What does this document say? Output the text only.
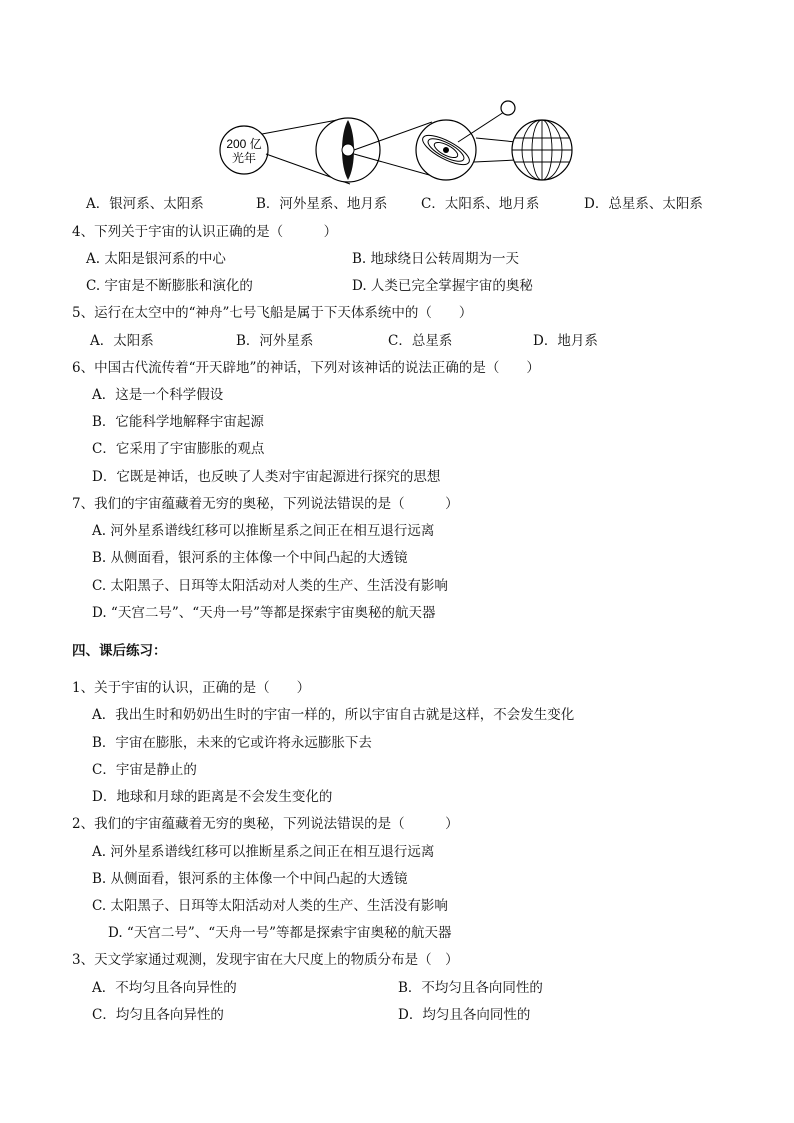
200 亿
光年
A．银河系、太阳系	B．河外星系、地月系 C．太阳系、地月系	D．总星系、太阳系
4、下列关于宇宙的认识正确的是（　　　）
A. 太阳是银河系的中心	B. 地球绕日公转周期为一天
C. 宇宙是不断膨胀和演化的	D. 人类已完全掌握宇宙的奥秘
5、运行在太空中的“神舟”七号飞船是属于下天体系统中的（　　）
A．太阳系	B．河外星系	C．总星系	D．地月系
6、中国古代流传着“开天辟地”的神话，下列对该神话的说法正确的是（　　）
A．这是一个科学假设
B．它能科学地解释宇宙起源
C．它采用了宇宙膨胀的观点
D．它既是神话，也反映了人类对宇宙起源进行探究的思想
7、我们的宇宙蕴藏着无穷的奥秘，下列说法错误的是（　　　）
A. 河外星系谱线红移可以推断星系之间正在相互退行远离
B. 从侧面看，银河系的主体像一个中间凸起的大透镜
C. 太阳黑子、日珥等太阳活动对人类的生产、生活没有影响
D. “天宫二号”、“天舟一号”等都是探索宇宙奥秘的航天器
四、课后练习：
1、关于宇宙的认识，正确的是（　　）
A．我出生时和奶奶出生时的宇宙一样的，所以宇宙自古就是这样，不会发生变化
B．宇宙在膨胀，未来的它或许将永远膨胀下去
C．宇宙是静止的
D．地球和月球的距离是不会发生变化的
2、我们的宇宙蕴藏着无穷的奥秘，下列说法错误的是（　　　）
A. 河外星系谱线红移可以推断星系之间正在相互退行远离
B. 从侧面看，银河系的主体像一个中间凸起的大透镜
C. 太阳黑子、日珥等太阳活动对人类的生产、生活没有影响
D. “天宫二号”、“天舟一号”等都是探索宇宙奥秘的航天器
3、天文学家通过观测，发现宇宙在大尺度上的物质分布是（　）
A．不均匀且各向异性的	B．不均匀且各向同性的
C．均匀且各向异性的	D．均匀且各向同性的
